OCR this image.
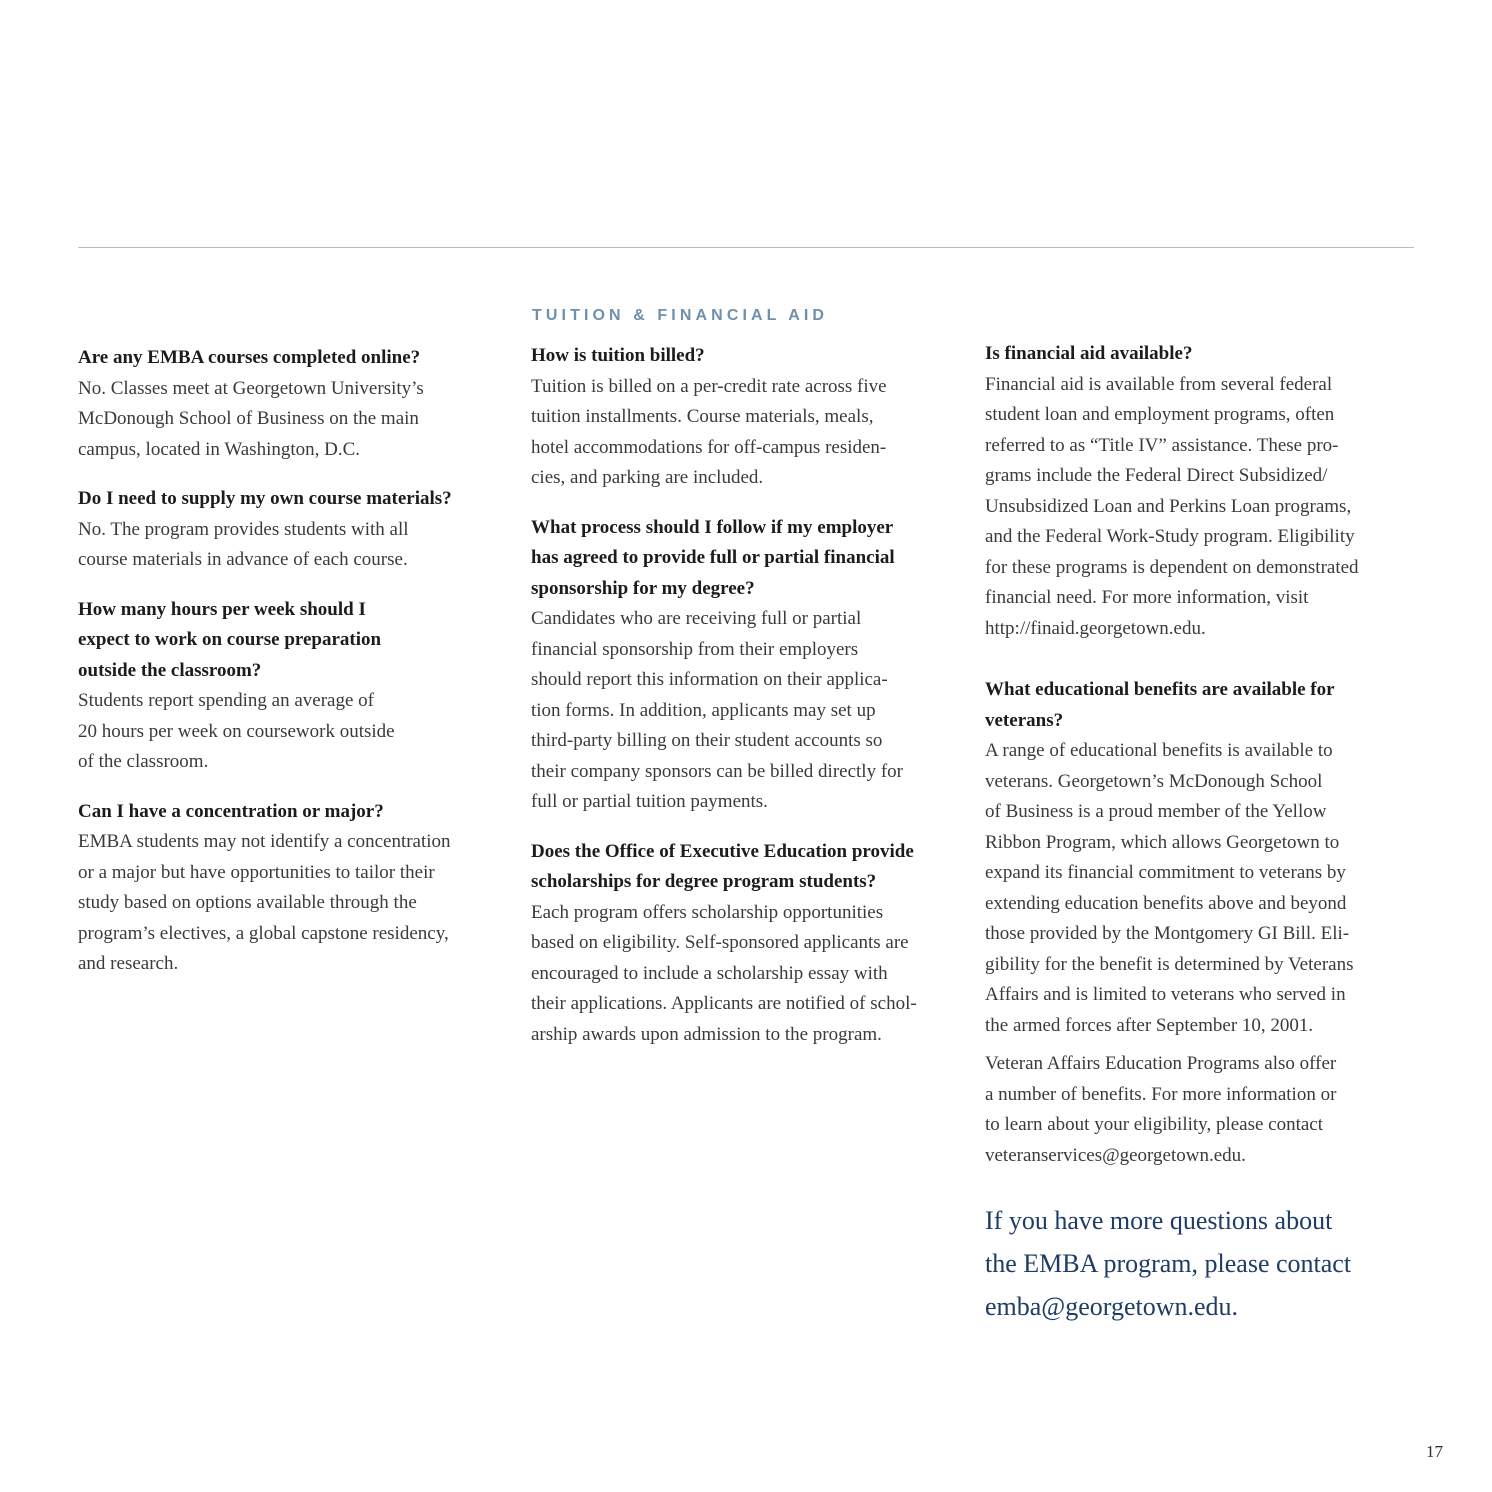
TUITION & FINANCIAL AID

Are any EMBA courses completed online?

No. Classes meet at Georgetown University’s
McDonough School of Business on the main
campus, located in Washington, D.C.

Do I need to supply my own course materials?

No. The program provides students with all
course materials in advance of each course.

How many hours per week should I
expect to work on course preparation
outside the classroom?

Students report spending an average of
20 hours per week on coursework outside
of the classroom.

Can I have a concentration or major?

EMBA students may not identify a concentration
or a major but have opportunities to tailor their
study based on options available through the
program’s electives, a global capstone residency,
and research.

How is tuition billed?

Tuition is billed on a per-credit rate across five
tuition installments. Course materials, meals,
hotel accommodations for off-campus residen-
cies, and parking are included.

What process should I follow if my employer
has agreed to provide full or partial financial
sponsorship for my degree?

Candidates who are receiving full or partial
financial sponsorship from their employers
should report this information on their applica-
tion forms. In addition, applicants may set up
third-party billing on their student accounts so
their company sponsors can be billed directly for
full or partial tuition payments.

Does the Office of Executive Education provide
scholarships for degree program students?

Each program offers scholarship opportunities
based on eligibility. Self-sponsored applicants are
encouraged to include a scholarship essay with
their applications. Applicants are notified of schol-
arship awards upon admission to the program.

Is financial aid available?

Financial aid is available from several federal
student loan and employment programs, often
referred to as “Title IV” assistance. These pro-
grams include the Federal Direct Subsidized/
Unsubsidized Loan and Perkins Loan programs,
and the Federal Work-Study program. Eligibility
for these programs is dependent on demonstrated
financial need. For more information, visit
http://finaid.georgetown.edu.

What educational benefits are available for
veterans?

A range of educational benefits is available to
veterans. Georgetown’s McDonough School
of Business is a proud member of the Yellow
Ribbon Program, which allows Georgetown to
expand its financial commitment to veterans by
extending education benefits above and beyond
those provided by the Montgomery GI Bill. Eli-
gibility for the benefit is determined by Veterans
Affairs and is limited to veterans who served in
the armed forces after September 10, 2001.

Veteran Affairs Education Programs also offer
a number of benefits. For more information or
to learn about your eligibility, please contact
veteranservices@georgetown.edu.

If you have more questions about
the EMBA program, please contact
emba@georgetown.edu.

17
